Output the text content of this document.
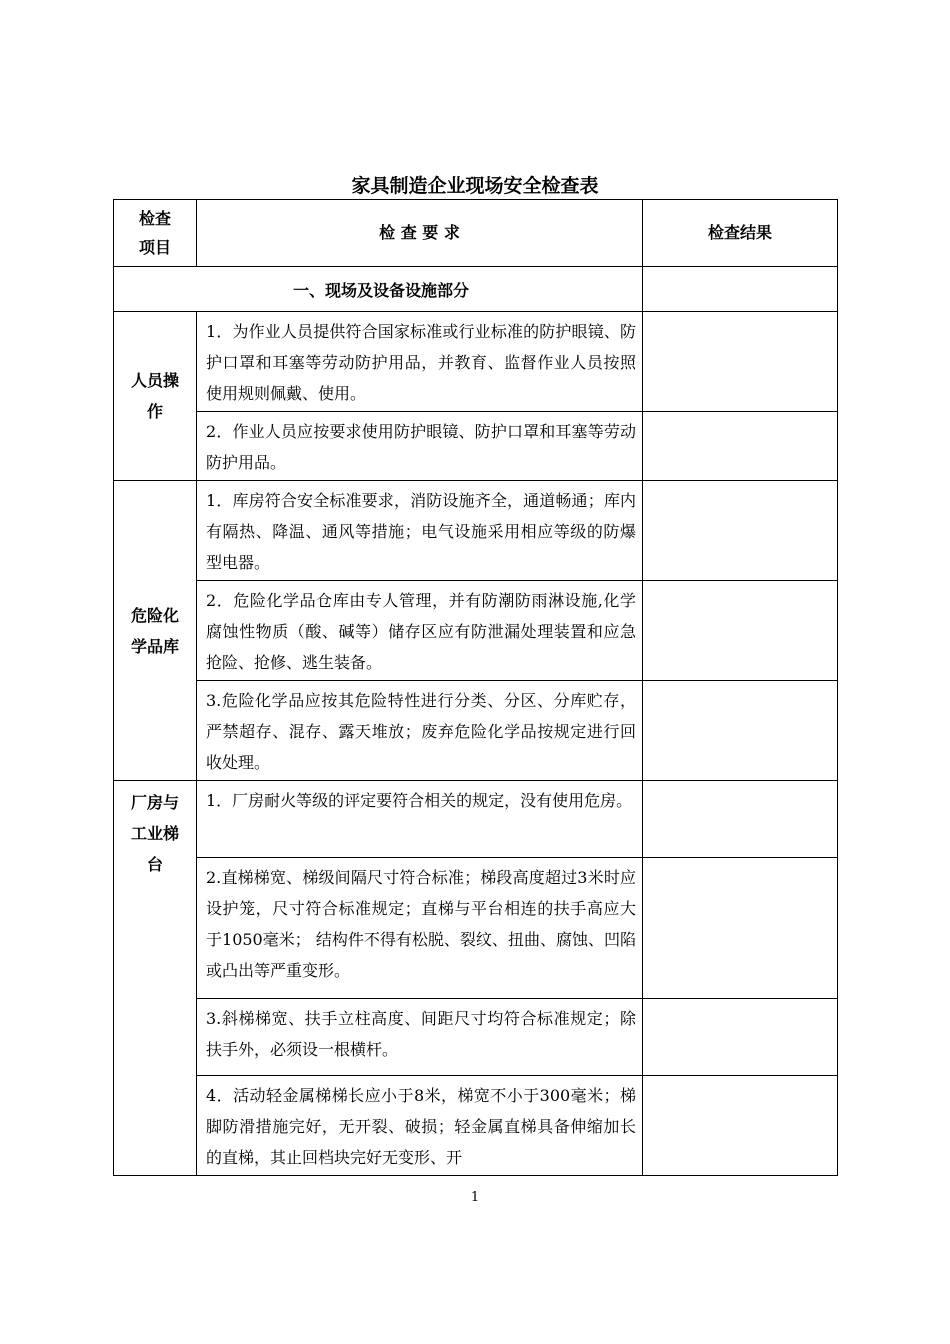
家具制造企业现场安全检查表
检查项目	检 查 要 求	检查结果
一、现场及设备设施部分		

人员操作	1．为作业人员提供符合国家标准或行业标准的防护眼镜、防护口罩和耳塞等劳动防护用品，并教育、监督作业人员按照使用规则佩戴、使用。	
	2．作业人员应按要求使用防护眼镜、防护口罩和耳塞等劳动防护用品。	

危险化学品库	1．库房符合安全标准要求，消防设施齐全，通道畅通；库内有隔热、降温、通风等措施；电气设施采用相应等级的防爆型电器。	
	2．危险化学品仓库由专人管理，并有防潮防雨淋设施,化学腐蚀性物质（酸、碱等）储存区应有防泄漏处理装置和应急抢险、抢修、逃生装备。	
	3.危险化学品应按其危险特性进行分类、分区、分库贮存，严禁超存、混存、露天堆放；废弃危险化学品按规定进行回收处理。	

厂房与工业梯台	1．厂房耐火等级的评定要符合相关的规定，没有使用危房。	
	2.直梯梯宽、梯级间隔尺寸符合标准；梯段高度超过3米时应设护笼，尺寸符合标准规定；直梯与平台相连的扶手高应大于1050毫米； 结构件不得有松脱、裂纹、扭曲、腐蚀、凹陷或凸出等严重变形。	
	3.斜梯梯宽、扶手立柱高度、间距尺寸均符合标准规定；除扶手外，必须设一根横杆。	
	4．活动轻金属梯梯长应小于8米，梯宽不小于300毫米；梯脚防滑措施完好，无开裂、破损；轻金属直梯具备伸缩加长的直梯，其止回档块完好无变形、开	
1
